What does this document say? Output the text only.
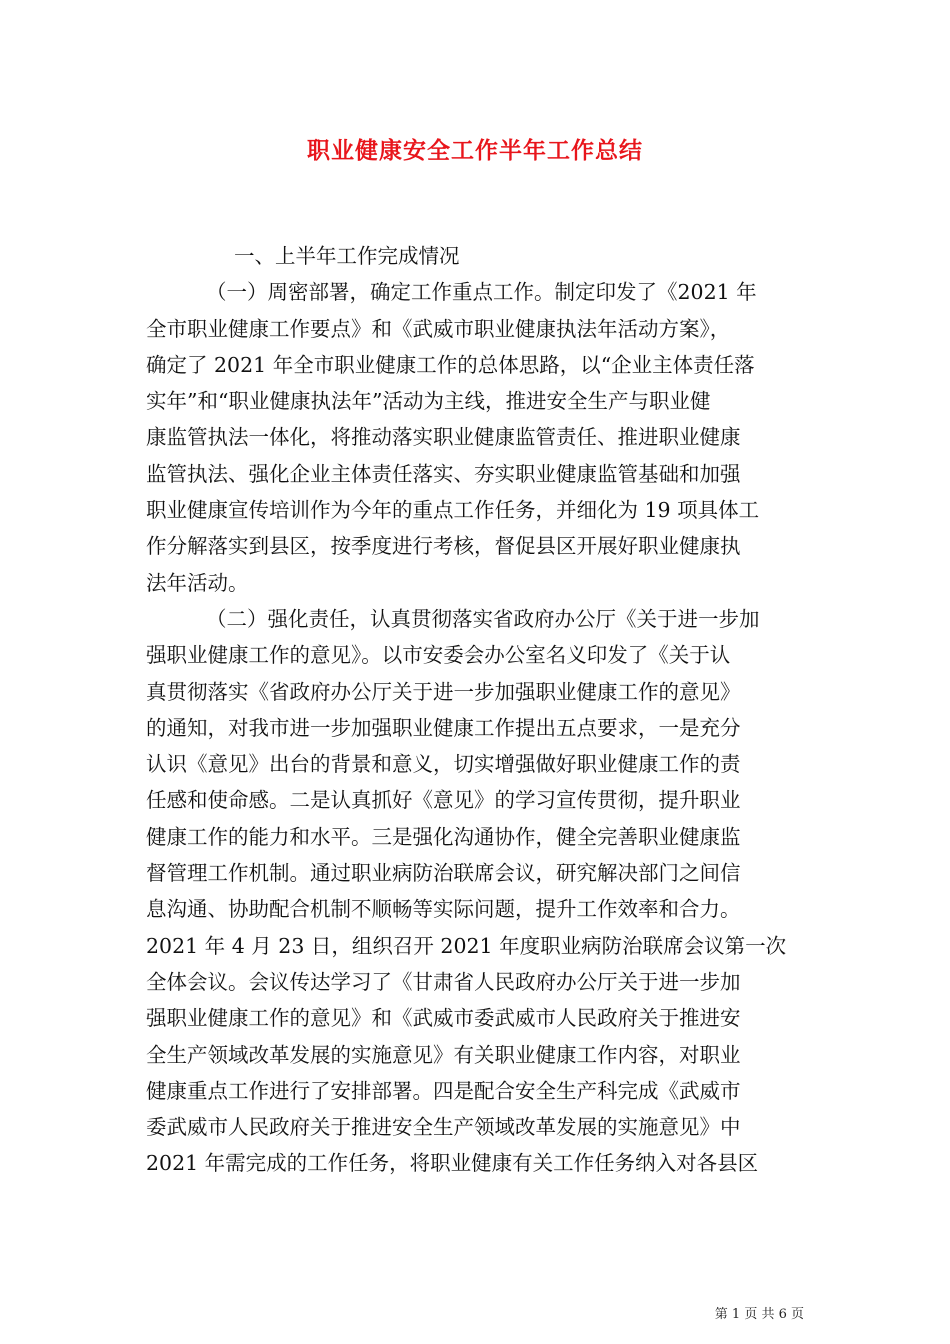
职业健康安全工作半年工作总结
一、上半年工作完成情况
（一）周密部署，确定工作重点工作。制定印发了《2021 年
全市职业健康工作要点》和《武威市职业健康执法年活动方案》，
确定了 2021 年全市职业健康工作的总体思路，以“企业主体责任落
实年”和“职业健康执法年”活动为主线，推进安全生产与职业健
康监管执法一体化，将推动落实职业健康监管责任、推进职业健康
监管执法、强化企业主体责任落实、夯实职业健康监管基础和加强
职业健康宣传培训作为今年的重点工作任务，并细化为 19 项具体工
作分解落实到县区，按季度进行考核，督促县区开展好职业健康执
法年活动。
（二）强化责任，认真贯彻落实省政府办公厅《关于进一步加
强职业健康工作的意见》。以市安委会办公室名义印发了《关于认
真贯彻落实《省政府办公厅关于进一步加强职业健康工作的意见》
的通知，对我市进一步加强职业健康工作提出五点要求，一是充分
认识《意见》出台的背景和意义，切实增强做好职业健康工作的责
任感和使命感。二是认真抓好《意见》的学习宣传贯彻，提升职业
健康工作的能力和水平。三是强化沟通协作，健全完善职业健康监
督管理工作机制。通过职业病防治联席会议，研究解决部门之间信
息沟通、协助配合机制不顺畅等实际问题，提升工作效率和合力。
2021 年 4 月 23 日，组织召开 2021 年度职业病防治联席会议第一次
全体会议。会议传达学习了《甘肃省人民政府办公厅关于进一步加
强职业健康工作的意见》和《武威市委武威市人民政府关于推进安
全生产领域改革发展的实施意见》有关职业健康工作内容，对职业
健康重点工作进行了安排部署。四是配合安全生产科完成《武威市
委武威市人民政府关于推进安全生产领域改革发展的实施意见》中
2021 年需完成的工作任务，将职业健康有关工作任务纳入对各县区
第 1 页 共 6 页
